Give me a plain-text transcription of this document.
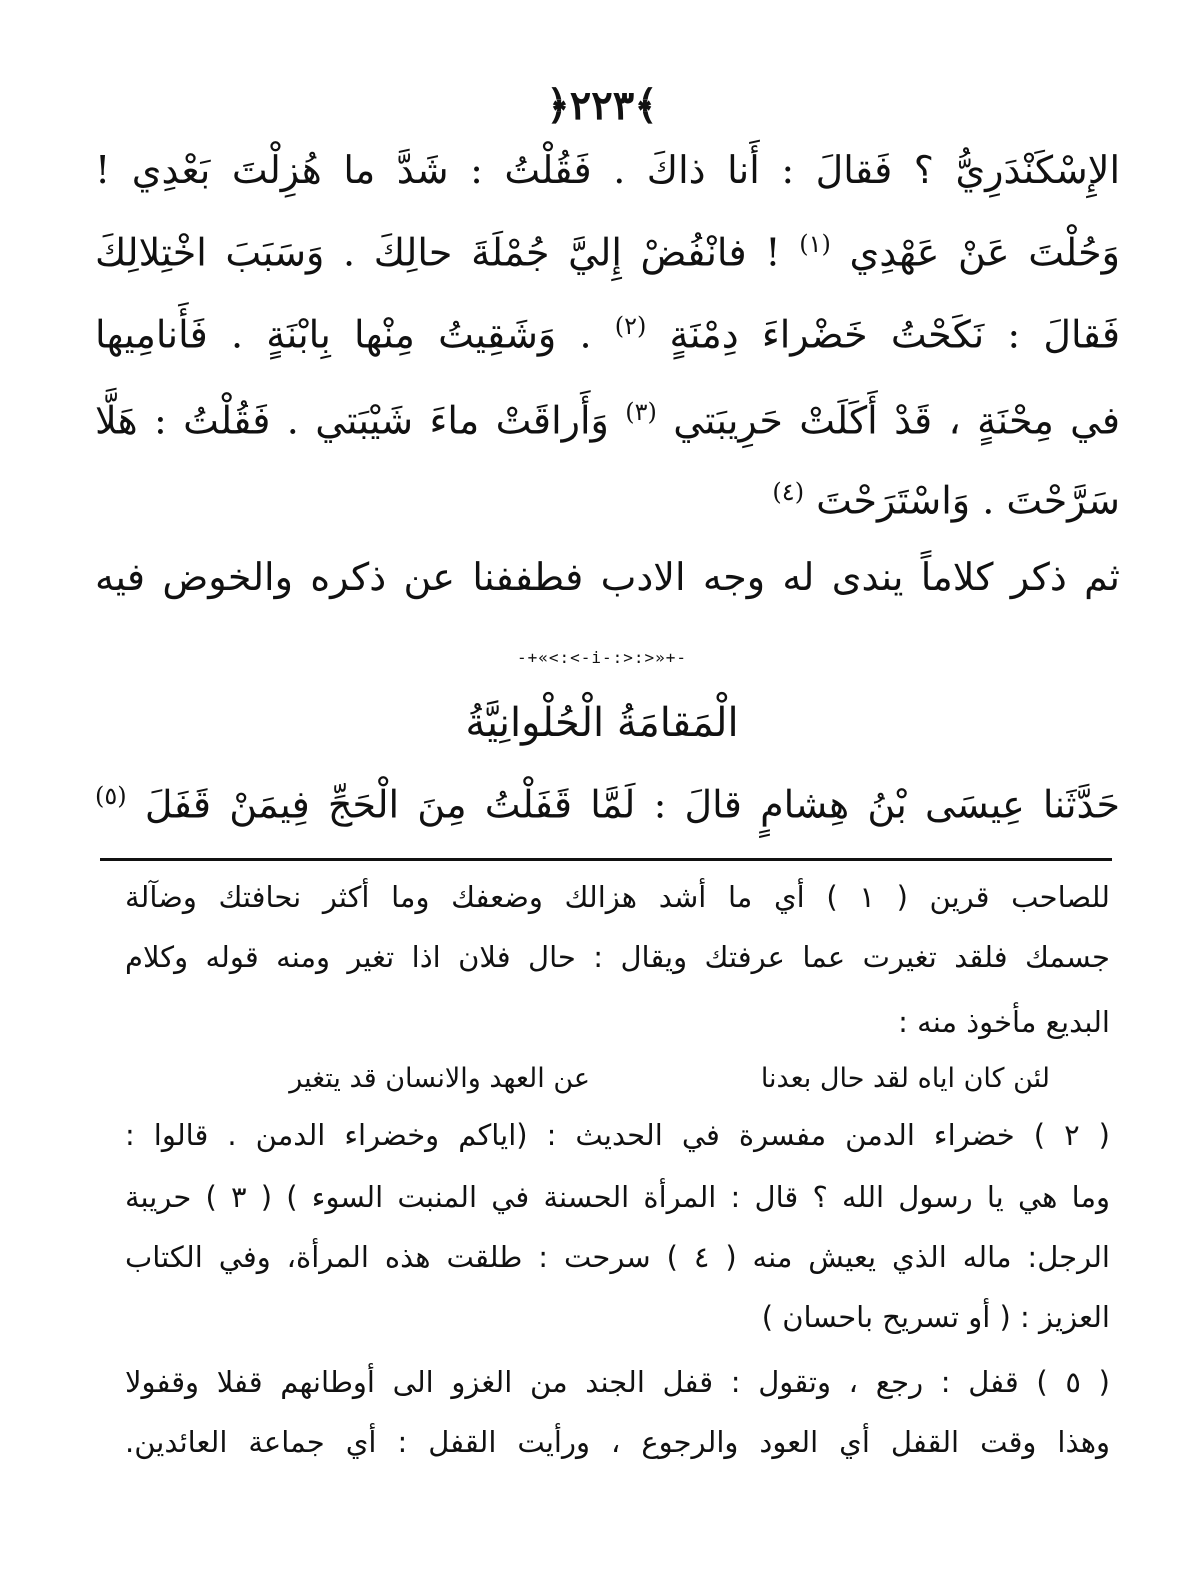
﴿٢٢٣﴾
الإِسْكَنْدَرِيُّ ؟ فَقالَ : أَنا ذاكَ . فَقُلْتُ : شَدَّ ما هُزِلْتَ بَعْدِي !
وَحُلْتَ عَنْ عَهْدِي $^{(١)}$ ! فانْفُضْ إِليَّ جُمْلَةَ حالِكَ . وَسَبَبَ اخْتِلالِكَ
فَقالَ : نَكَحْتُ خَضْراءَ دِمْنَةٍ $^{(٢)}$ . وَشَقِيتُ مِنْها بِابْنَةٍ . فَأَنامِيها
في مِحْنَةٍ ، قَدْ أَكَلَتْ حَرِيبَتي $^{(٣)}$ وَأَراقَتْ ماءَ شَيْبَتي . فَقُلْتُ : هَلَّا
سَرَّحْتَ . وَاسْتَرَحْتَ $^{(٤)}$
ثم ذكر كلاماً يندى له وجه الادب فطففنا عن ذكره والخوض فيه
-+«<:<-i-:>:>»+-
الْمَقامَةُ الْحُلْوانِيَّةُ
حَدَّثَنا عِيسَى بْنُ هِشامٍ قالَ : لَمَّا قَفَلْتُ مِنَ الْحَجِّ فِيمَنْ قَفَلَ $^{(٥)}$
للصاحب قرين ( ١ ) أي ما أشد هزالك وضعفك وما أكثر نحافتك وضآلة
جسمك فلقد تغيرت عما عرفتك ويقال : حال فلان اذا تغير ومنه قوله وكلام
البديع مأخوذ منه :
لئن كان اياه لقد حال بعدنا
عن العهد والانسان قد يتغير
( ٢ ) خضراء الدمن مفسرة في الحديث : (اياكم وخضراء الدمن . قالوا :
وما هي يا رسول الله ؟ قال : المرأة الحسنة في المنبت السوء ) ( ٣ ) حريبة
الرجل: ماله الذي يعيش منه ( ٤ ) سرحت : طلقت هذه المرأة، وفي الكتاب
العزيز : ( أو تسريح باحسان )
( ٥ ) قفل : رجع ، وتقول : قفل الجند من الغزو الى أوطانهم قفلا وقفولا
وهذا وقت القفل أي العود والرجوع ، ورأيت القفل : أي جماعة العائدين.
